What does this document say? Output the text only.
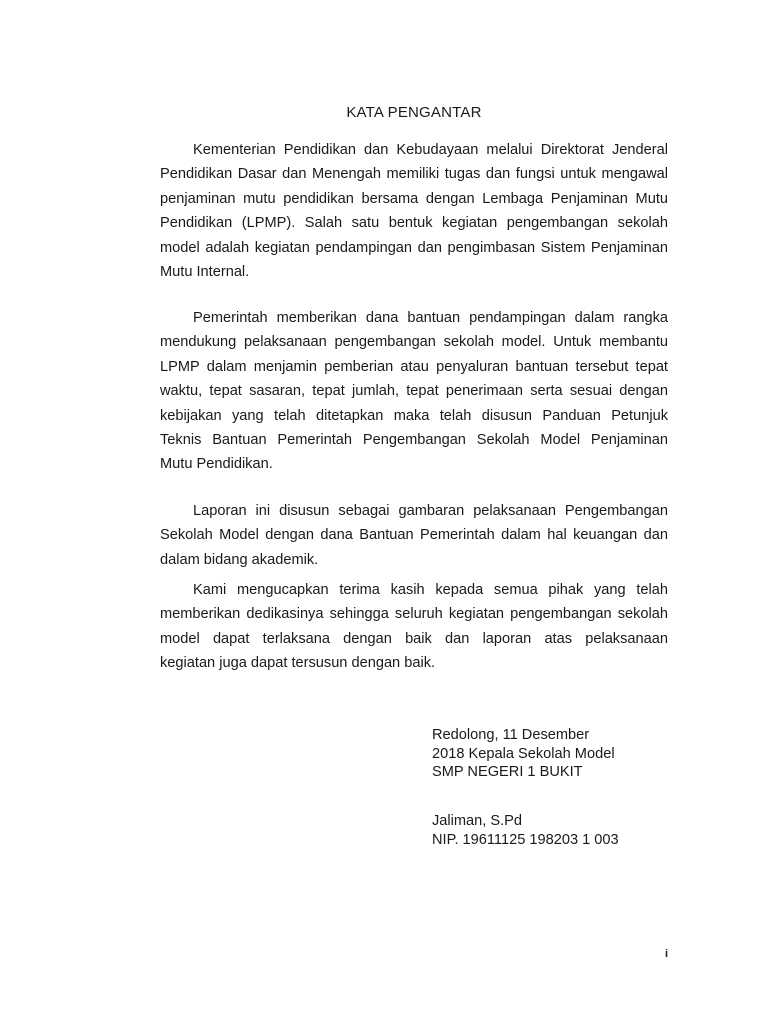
KATA PENGANTAR
Kementerian Pendidikan dan Kebudayaan melalui Direktorat Jenderal
Pendidikan Dasar dan Menengah memiliki tugas dan fungsi untuk mengawal
penjaminan mutu pendidikan bersama dengan Lembaga Penjaminan Mutu
Pendidikan (LPMP). Salah satu bentuk kegiatan pengembangan sekolah
model adalah kegiatan pendampingan dan pengimbasan Sistem Penjaminan
Mutu Internal.
Pemerintah memberikan dana bantuan pendampingan dalam rangka
mendukung pelaksanaan pengembangan sekolah model. Untuk membantu
LPMP dalam menjamin pemberian atau penyaluran bantuan tersebut tepat
waktu, tepat sasaran, tepat jumlah, tepat penerimaan serta sesuai dengan
kebijakan yang telah ditetapkan maka telah disusun Panduan Petunjuk
Teknis Bantuan Pemerintah Pengembangan Sekolah Model Penjaminan
Mutu Pendidikan.
Laporan ini disusun sebagai gambaran pelaksanaan Pengembangan
Sekolah Model dengan dana Bantuan Pemerintah dalam hal keuangan dan
dalam bidang akademik.
Kami mengucapkan terima kasih kepada semua pihak yang telah
memberikan dedikasinya sehingga seluruh kegiatan pengembangan sekolah
model dapat terlaksana dengan baik dan laporan atas pelaksanaan
kegiatan juga dapat tersusun dengan baik.
Redolong, 11 Desember
2018 Kepala Sekolah Model
SMP NEGERI 1 BUKIT
Jaliman, S.Pd
NIP. 19611125 198203 1 003
i
